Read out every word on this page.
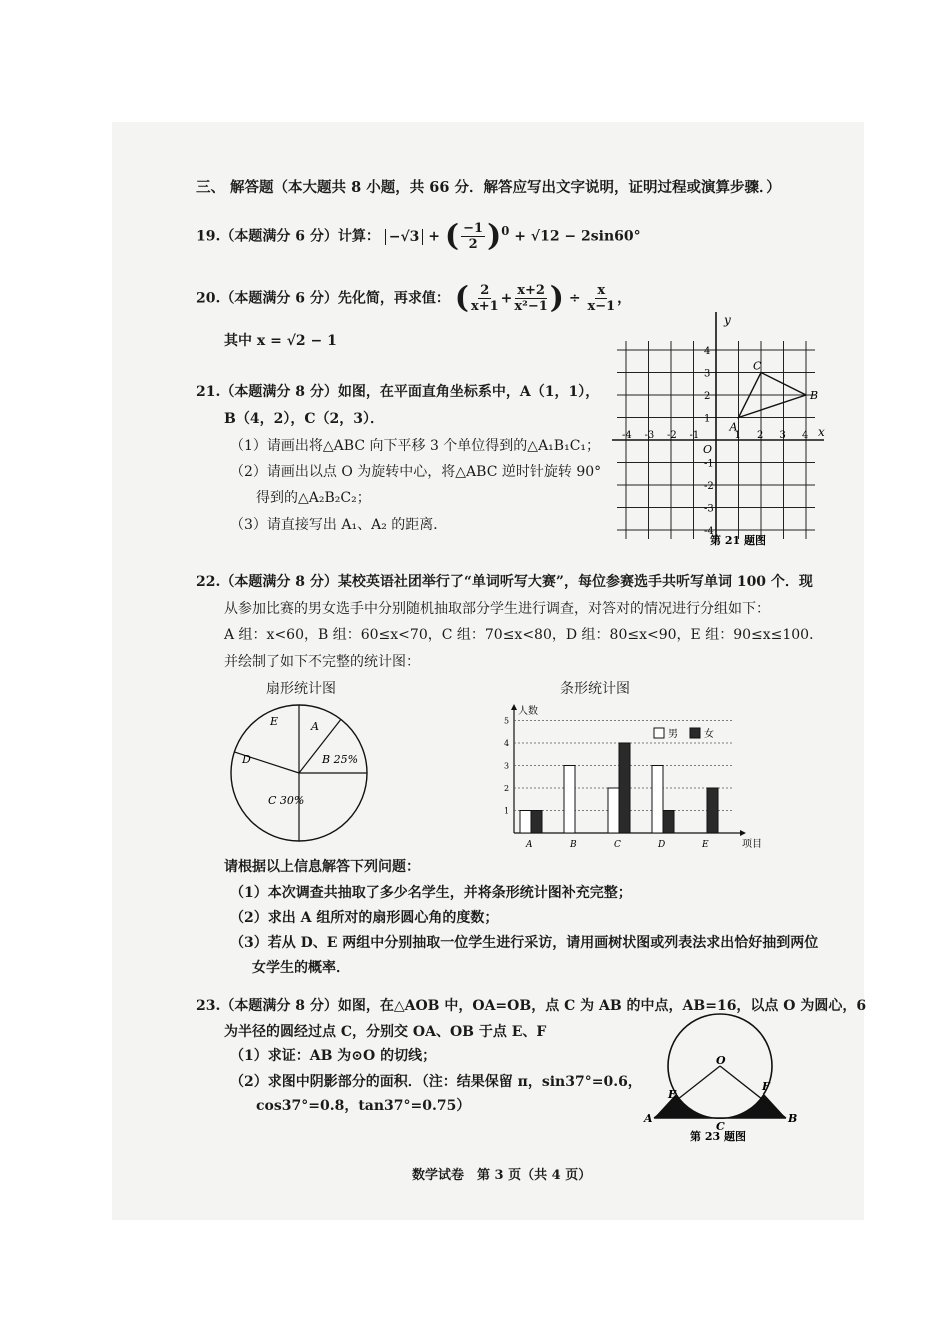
三、 解答题（本大题共 8 小题，共 66 分．解答应写出文字说明，证明过程或演算步骤．）
19.（本题满分 6 分）计算： −√3 + ( $\frac{-1}{2} )^0 + √12 - 2\sin 60^\circ$
20.（本题满分 6 分）先化简，再求值： ( $\frac{2}{x+1} + \frac{x+2}{\text{x²−1}}$ ) ÷ $\frac{x}{x-1}$ ，
其中 x = √2 − 1
21.（本题满分 8 分）如图，在平面直角坐标系中，A（1，1），
B（4，2），C（2，3）．
（1）请画出将△ABC 向下平移 3 个单位得到的△A₁B₁C₁；
（2）请画出以点 O 为旋转中心，将△ABC 逆时针旋转 90°
得到的△A₂B₂C₂；
（3）请直接写出 A₁、A₂ 的距离．
y
x
O
-4 -3 -2 -1	1 2 3 4
4
3
2
1
-1
-2
-3
-4
A
B
C
第 21 题图
22.（本题满分 8 分）某校英语社团举行了“单词听写大赛”，每位参赛选手共听写单词 100 个．现
从参加比赛的男女选手中分别随机抽取部分学生进行调查，对答对的情况进行分组如下：
A 组：x<60，B 组：60≤x<70，C 组：70≤x<80，D 组：80≤x<90，E 组：90≤x≤100．
并绘制了如下不完整的统计图：
扇形统计图	条形统计图
A
B 25%
C 30%
D
E
1
2
3
4
5
人数
项目
A	B	C	D	E
男	女
请根据以上信息解答下列问题：
（1）本次调查共抽取了多少名学生，并将条形统计图补充完整；
（2）求出 A 组所对的扇形圆心角的度数；
（3）若从 D、E 两组中分别抽取一位学生进行采访，请用画树状图或列表法求出恰好抽到两位
女学生的概率．
23.（本题满分 8 分）如图，在△AOB 中，OA=OB，点 C 为 AB 的中点，AB=16，以点 O 为圆心，6
为半径的圆经过点 C，分别交 OA、OB 于点 E、F
（1）求证：AB 为⊙O 的切线；
（2）求图中阴影部分的面积．（注：结果保留 π，sin37°=0.6，
cos37°=0.8，tan37°=0.75）
O
E
F
A	B
C
第 23 题图
数学试卷　第 3 页（共 4 页）
